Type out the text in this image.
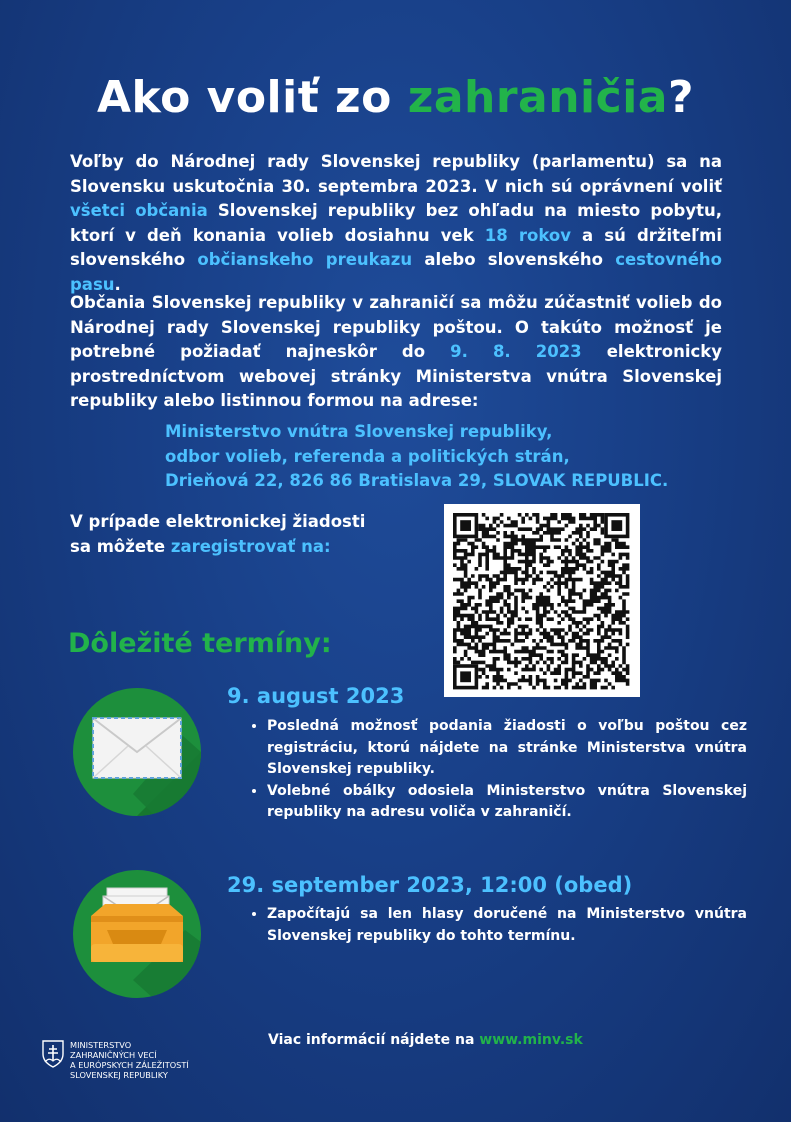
Ako voliť zo zahraničia?

Voľby do Národnej rady Slovenskej republiky (parlamentu) sa na Slovensku uskutočnia 30. septembra 2023. V nich sú oprávnení voliť všetci občania Slovenskej republiky bez ohľadu na miesto pobytu, ktorí v deň konania volieb dosiahnu vek 18 rokov a sú držiteľmi slovenského občianskeho preukazu alebo slovenského cestovného pasu.

Občania Slovenskej republiky v zahraničí sa môžu zúčastniť volieb do Národnej rady Slovenskej republiky poštou. O takúto možnosť je potrebné požiadať najneskôr do 9. 8. 2023 elektronicky prostredníctvom webovej stránky Ministerstva vnútra Slovenskej republiky alebo listinnou formou na adrese:

Ministerstvo vnútra Slovenskej republiky,
odbor volieb, referenda a politických strán,
Drieňová 22, 826 86 Bratislava 29, SLOVAK REPUBLIC.
V prípade elektronickej žiadosti
sa môžete zaregistrovať na:
Dôležité termíny:
9. august 2023
• Posledná možnosť podania žiadosti o voľbu poštou cez registráciu, ktorú nájdete na stránke Ministerstva vnútra Slovenskej republiky.
• Volebné obálky odosiela Ministerstvo vnútra Slovenskej republiky na adresu voliča v zahraničí.
29. september 2023, 12:00 (obed)
• Započítajú sa len hlasy doručené na Ministerstvo vnútra Slovenskej republiky do tohto termínu.
MINISTERSTVO
ZAHRANIČNÝCH VECÍ
A EURÓPSKYCH ZÁLEŽITOSTÍ
SLOVENSKEJ REPUBLIKY
Viac informácií nájdete na www.minv.sk
